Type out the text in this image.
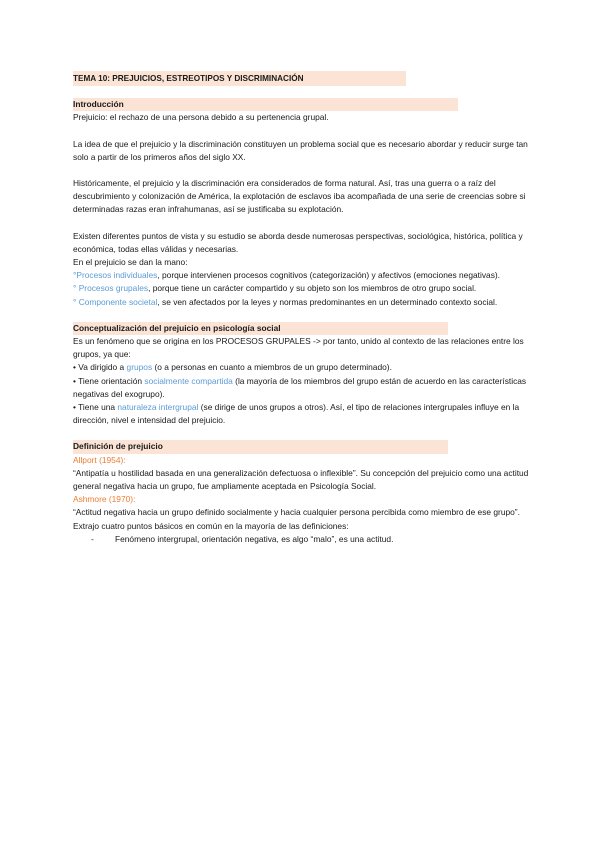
TEMA 10: PREJUICIOS, ESTREOTIPOS Y DISCRIMINACIÓN
Introducción

Prejuicio: el rechazo de una persona debido a su pertenencia grupal.

La idea de que el prejuicio y la discriminación constituyen un problema social que es necesario abordar y reducir surge tan solo a partir de los primeros años del siglo XX.

Históricamente, el prejuicio y la discriminación era considerados de forma natural. Así, tras una guerra o a raíz del descubrimiento y colonización de América, la explotación de esclavos iba acompañada de una serie de creencias sobre si determinadas razas eran infrahumanas, así se justificaba su explotación.

Existen diferentes puntos de vista y su estudio se aborda desde numerosas perspectivas, sociológica, histórica, política y económica, todas ellas válidas y necesarias.

En el prejuicio se dan la mano:

°Procesos individuales, porque intervienen procesos cognitivos (categorización) y afectivos (emociones negativas).

° Procesos grupales, porque tiene un carácter compartido y su objeto son los miembros de otro grupo social.

° Componente societal, se ven afectados por la leyes y normas predominantes en un determinado contexto social.

Conceptualización del prejuicio en psicología social

Es un fenómeno que se origina en los PROCESOS GRUPALES -> por tanto, unido al contexto de las relaciones entre los grupos, ya que:

• Va dirigido a grupos (o a personas en cuanto a miembros de un grupo determinado).

• Tiene orientación socialmente compartida (la mayoría de los miembros del grupo están de acuerdo en las características negativas del exogrupo).

• Tiene una naturaleza intergrupal (se dirige de unos grupos a otros). Así, el tipo de relaciones intergrupales influye en la dirección, nivel e intensidad del prejuicio.

Definición de prejuicio

Allport (1954):

“Antipatía u hostilidad basada en una generalización defectuosa o inflexible”. Su concepción del prejuicio como una actitud general negativa hacia un grupo, fue ampliamente aceptada en Psicología Social.

Ashmore (1970):

“Actitud negativa hacia un grupo definido socialmente y hacia cualquier persona percibida como miembro de ese grupo”. Extrajo cuatro puntos básicos en común en la mayoría de las definiciones:

-	Fenómeno intergrupal, orientación negativa, es algo “malo”, es una actitud.
